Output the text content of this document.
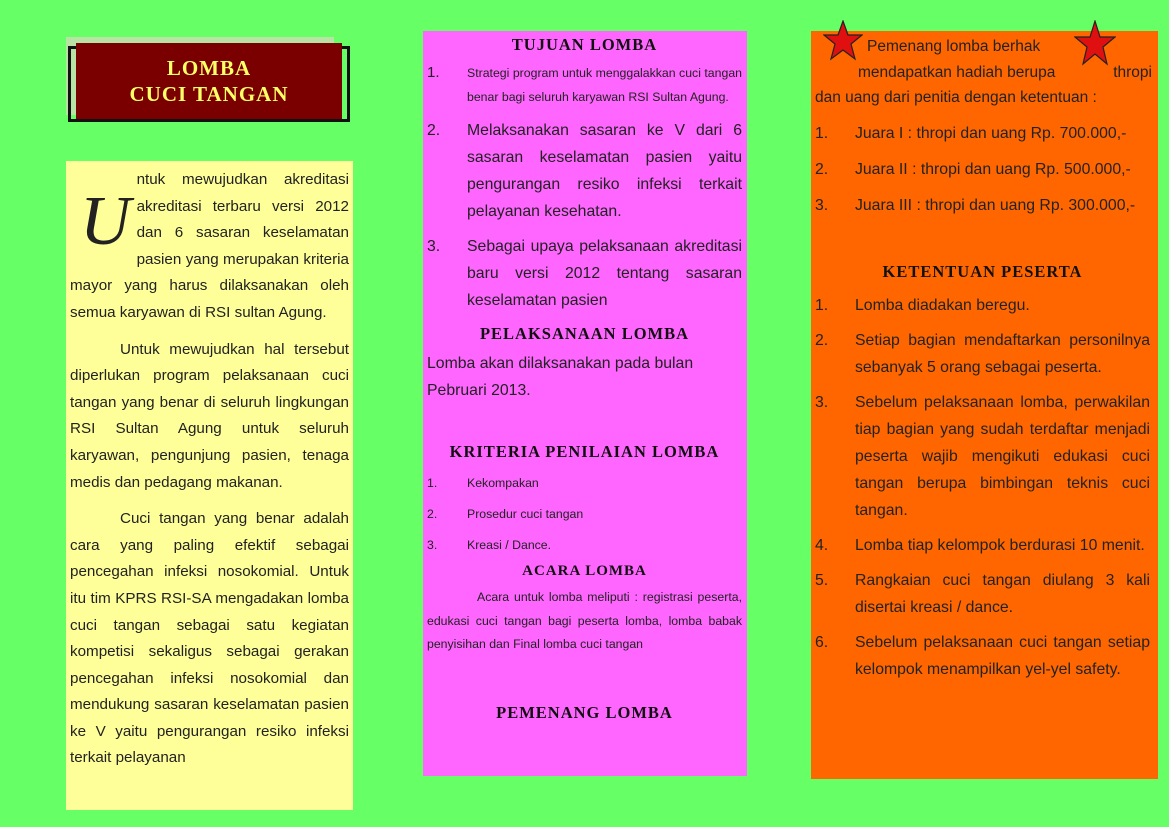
LOMBA
CUCI TANGAN

U
ntuk mewujudkan akreditasi akreditasi terbaru versi 2012 dan 6 sasaran keselamatan pasien yang merupakan kriteria mayor yang harus dilaksanakan oleh semua karyawan di RSI sultan Agung.

Untuk mewujudkan hal tersebut diperlukan program pelaksanaan cuci tangan yang benar di seluruh lingkungan RSI Sultan Agung untuk seluruh karyawan, pengunjung pasien, tenaga medis dan pedagang makanan.

Cuci tangan yang benar adalah cara yang paling efektif sebagai pencegahan infeksi nosokomial. Untuk itu tim KPRS RSI-SA mengadakan lomba cuci tangan sebagai satu kegiatan kompetisi sekaligus sebagai gerakan pencegahan infeksi nosokomial dan mendukung sasaran keselamatan pasien ke V yaitu pengurangan resiko infeksi terkait pelayanan

TUJUAN LOMBA
1.	Strategi program untuk menggalakkan cuci tangan benar bagi seluruh karyawan RSI Sultan Agung.
2.	Melaksanakan sasaran ke V dari 6 sasaran keselamatan pasien yaitu pengurangan resiko infeksi terkait pelayanan kesehatan.
3.	Sebagai upaya pelaksanaan akreditasi baru versi 2012 tentang sasaran keselamatan pasien
PELAKSANAAN LOMBA

Lomba akan dilaksanakan pada bulan Pebruari 2013.

KRITERIA PENILAIAN LOMBA
1.	Kekompakan
2.	Prosedur cuci tangan
3.	Kreasi / Dance.
ACARA LOMBA

Acara untuk lomba meliputi : registrasi peserta, edukasi cuci tangan bagi peserta lomba, lomba babak penyisihan dan Final lomba cuci tangan

PEMENANG LOMBA
Pemenang lomba berhak
mendapatkan hadiah berupa	thropi
dan uang dari penitia dengan ketentuan :
1.	Juara I : thropi dan uang Rp. 700.000,-
2.	Juara II : thropi dan uang Rp. 500.000,-
3.	Juara III : thropi dan uang Rp. 300.000,-
KETENTUAN PESERTA
1.	Lomba diadakan beregu.
2.	Setiap bagian mendaftarkan personilnya sebanyak 5 orang sebagai peserta.
3.	Sebelum pelaksanaan lomba, perwakilan tiap bagian yang sudah terdaftar menjadi peserta wajib mengikuti edukasi cuci tangan berupa bimbingan teknis cuci tangan.
4.	Lomba tiap kelompok berdurasi 10 menit.
5.	Rangkaian cuci tangan diulang 3 kali disertai kreasi / dance.
6.	Sebelum pelaksanaan cuci tangan setiap kelompok menampilkan yel-yel safety.
